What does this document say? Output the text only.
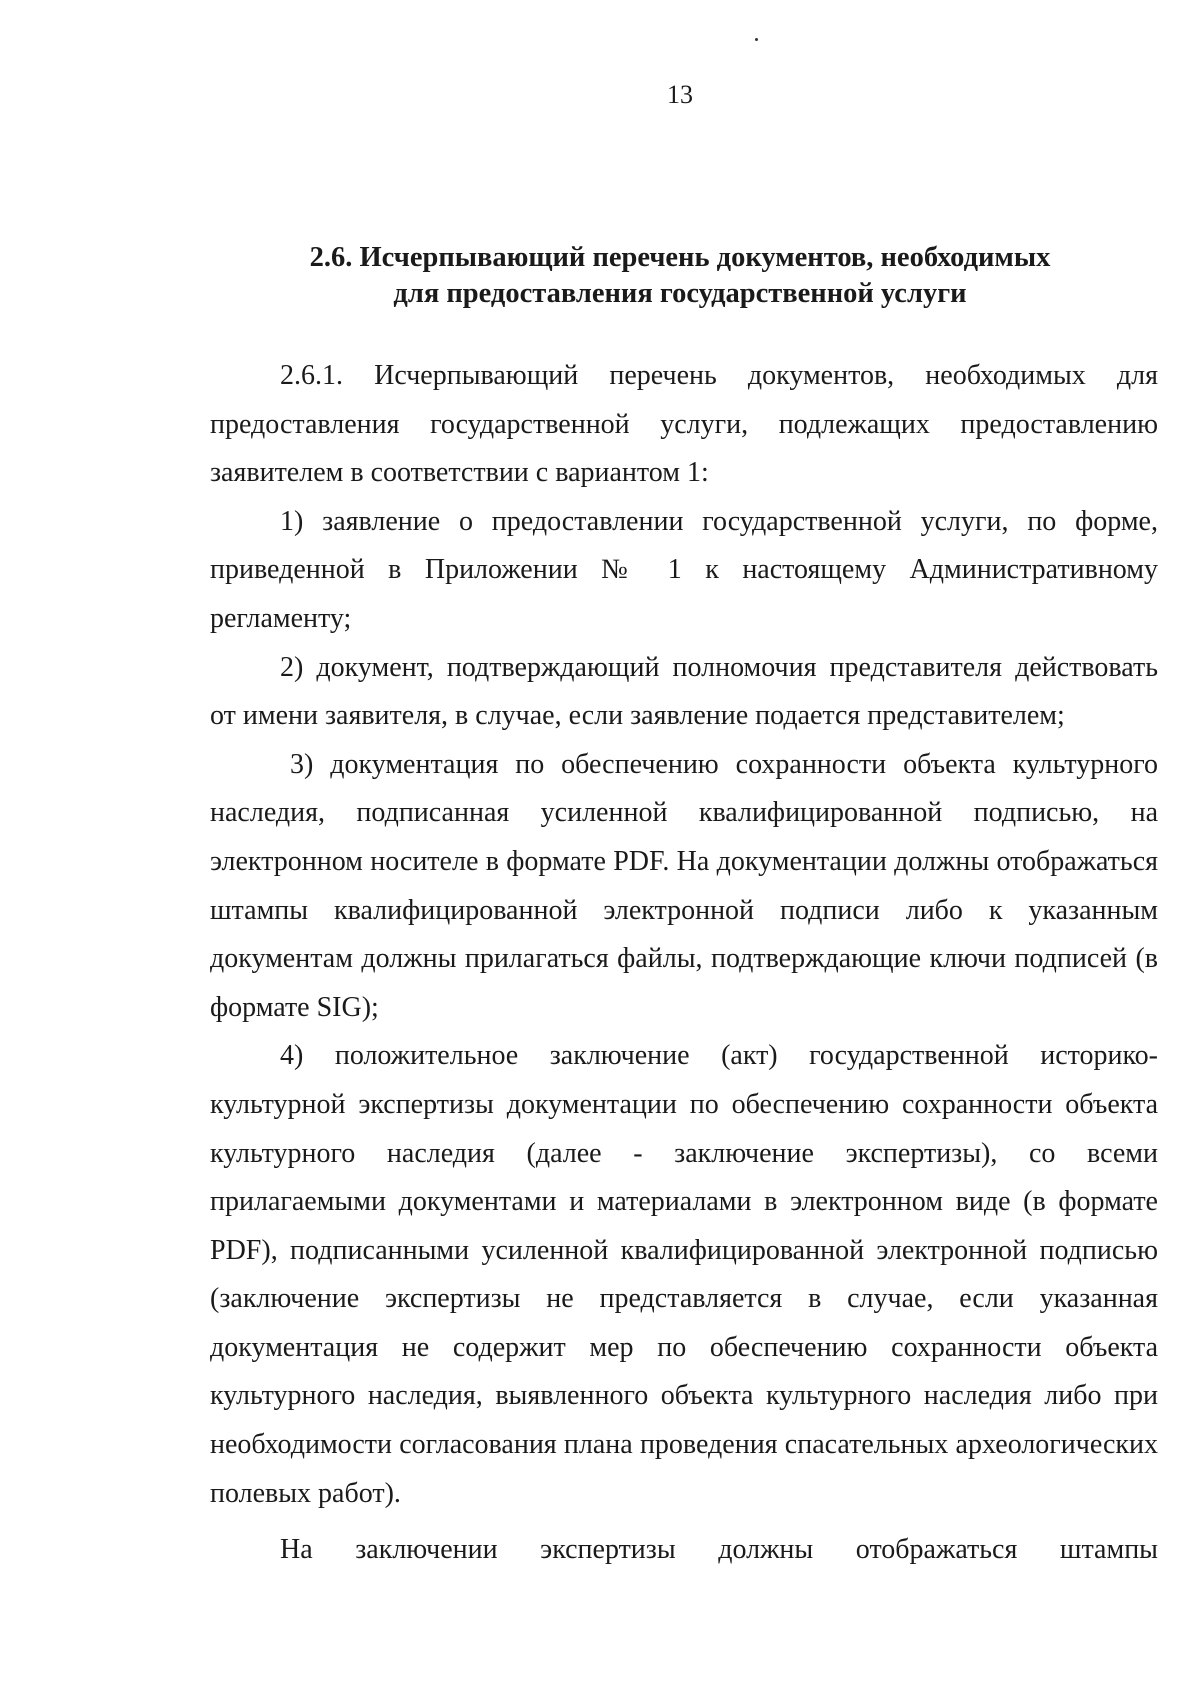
13
2.6. Исчерпывающий перечень документов, необходимых
для предоставления государственной услуги

2.6.1. Исчерпывающий перечень документов, необходимых для предоставления государственной услуги, подлежащих предоставлению заявителем в соответствии с вариантом 1:

1) заявление о предоставлении государственной услуги, по форме, приведенной в Приложении № 1 к настоящему Административному регламенту;

2) документ, подтверждающий полномочия представителя действовать от имени заявителя, в случае, если заявление подается представителем;

3) документация по обеспечению сохранности объекта культурного наследия, подписанная усиленной квалифицированной подписью, на электронном носителе в формате PDF. На документации должны отображаться штампы квалифицированной электронной подписи либо к указанным документам должны прилагаться файлы, подтверждающие ключи подписей (в формате SIG);

4) положительное заключение (акт) государственной историко-культурной экспертизы документации по обеспечению сохранности объекта культурного наследия (далее - заключение экспертизы), со всеми прилагаемыми документами и материалами в электронном виде (в формате PDF), подписанными усиленной квалифицированной электронной подписью (заключение экспертизы не представляется в случае, если указанная документация не содержит мер по обеспечению сохранности объекта культурного наследия, выявленного объекта культурного наследия либо при необходимости согласования плана проведения спасательных археологических полевых работ).

На заключении экспертизы должны отображаться штампы
